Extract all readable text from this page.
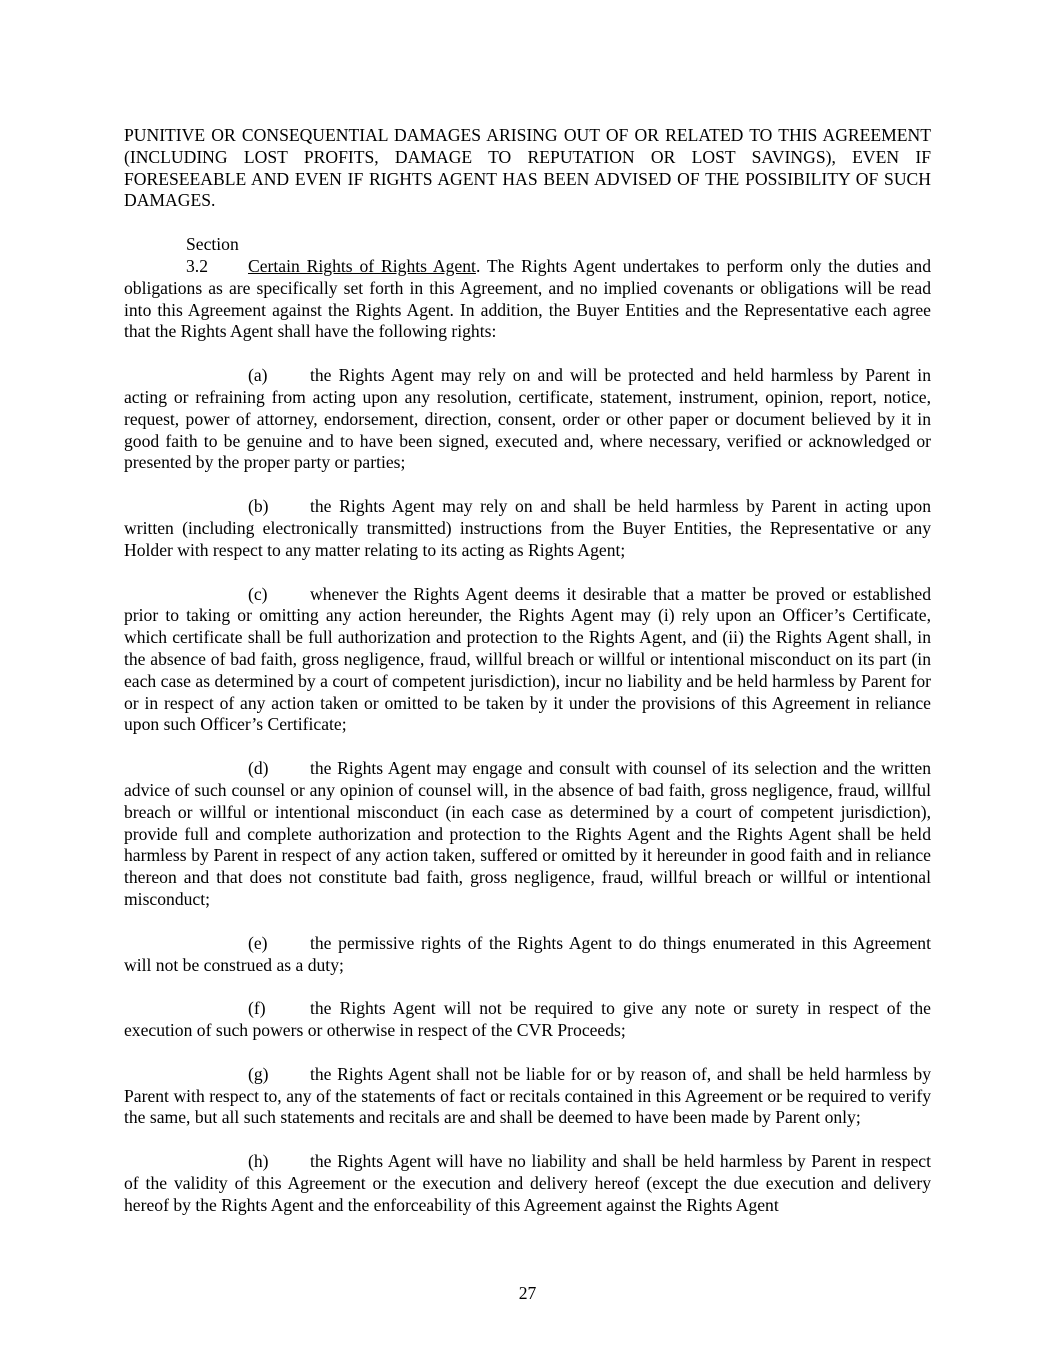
PUNITIVE OR CONSEQUENTIAL DAMAGES ARISING OUT OF OR RELATED TO THIS AGREEMENT (INCLUDING LOST PROFITS, DAMAGE TO REPUTATION OR LOST SAVINGS), EVEN IF FORESEEABLE AND EVEN IF RIGHTS AGENT HAS BEEN ADVISED OF THE POSSIBILITY OF SUCH DAMAGES.

Section 3.2 Certain Rights of Rights Agent. The Rights Agent undertakes to perform only the duties and obligations as are specifically set forth in this Agreement, and no implied covenants or obligations will be read into this Agreement against the Rights Agent. In addition, the Buyer Entities and the Representative each agree that the Rights Agent shall have the following rights:

(a) the Rights Agent may rely on and will be protected and held harmless by Parent in acting or refraining from acting upon any resolution, certificate, statement, instrument, opinion, report, notice, request, power of attorney, endorsement, direction, consent, order or other paper or document believed by it in good faith to be genuine and to have been signed, executed and, where necessary, verified or acknowledged or presented by the proper party or parties;

(b) the Rights Agent may rely on and shall be held harmless by Parent in acting upon written (including electronically transmitted) instructions from the Buyer Entities, the Representative or any Holder with respect to any matter relating to its acting as Rights Agent;

(c) whenever the Rights Agent deems it desirable that a matter be proved or established prior to taking or omitting any action hereunder, the Rights Agent may (i) rely upon an Officer’s Certificate, which certificate shall be full authorization and protection to the Rights Agent, and (ii) the Rights Agent shall, in the absence of bad faith, gross negligence, fraud, willful breach or willful or intentional misconduct on its part (in each case as determined by a court of competent jurisdiction), incur no liability and be held harmless by Parent for or in respect of any action taken or omitted to be taken by it under the provisions of this Agreement in reliance upon such Officer’s Certificate;

(d) the Rights Agent may engage and consult with counsel of its selection and the written advice of such counsel or any opinion of counsel will, in the absence of bad faith, gross negligence, fraud, willful breach or willful or intentional misconduct (in each case as determined by a court of competent jurisdiction), provide full and complete authorization and protection to the Rights Agent and the Rights Agent shall be held harmless by Parent in respect of any action taken, suffered or omitted by it hereunder in good faith and in reliance thereon and that does not constitute bad faith, gross negligence, fraud, willful breach or willful or intentional misconduct;

(e) the permissive rights of the Rights Agent to do things enumerated in this Agreement will not be construed as a duty;

(f)	the Rights Agent will not be required to give any note or surety in respect of the execution of such powers or otherwise in respect of the CVR Proceeds;

(g) the Rights Agent shall not be liable for or by reason of, and shall be held harmless by Parent with respect to, any of the statements of fact or recitals contained in this Agreement or be required to verify the same, but all such statements and recitals are and shall be deemed to have been made by Parent only;

(h) the Rights Agent will have no liability and shall be held harmless by Parent in respect of the validity of this Agreement or the execution and delivery hereof (except the due execution and delivery hereof by the Rights Agent and the enforceability of this Agreement against the Rights Agent

27
